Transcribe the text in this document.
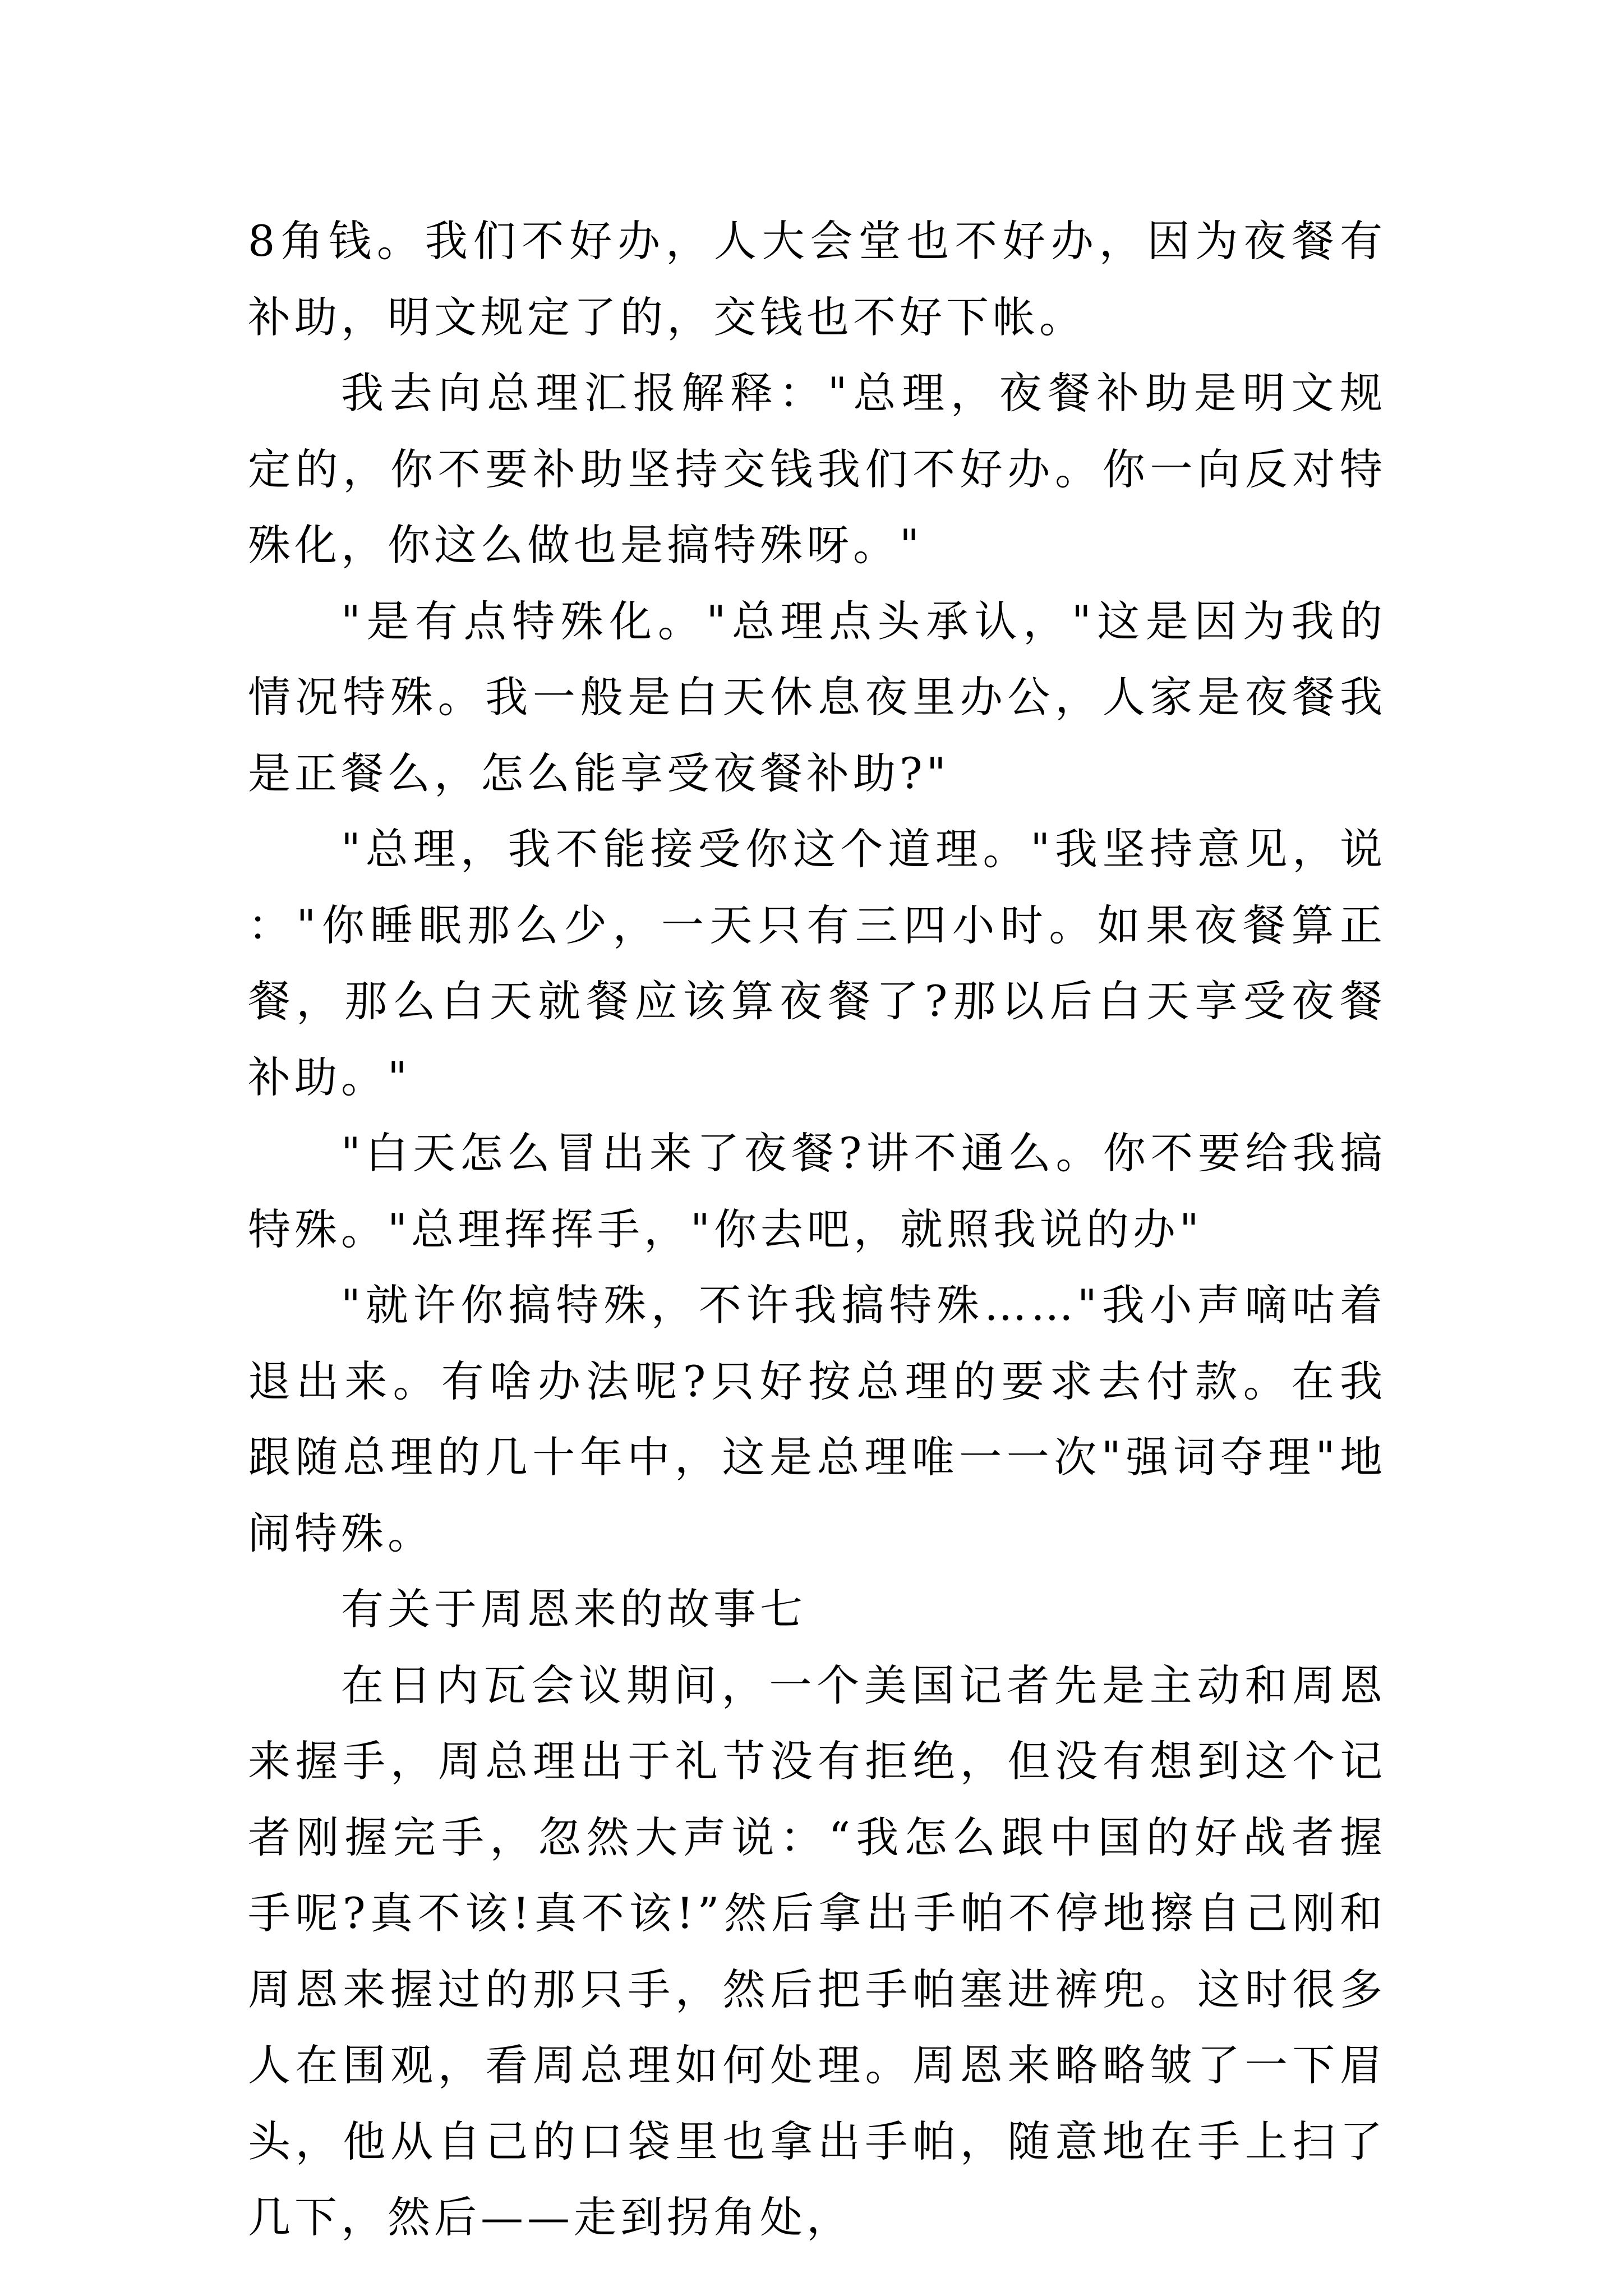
8角钱。我们不好办，人大会堂也不好办，因为夜餐有补助，明文规定了的，交钱也不好下帐。

我去向总理汇报解释："总理，夜餐补助是明文规定的，你不要补助坚持交钱我们不好办。你一向反对特殊化，你这么做也是搞特殊呀。"

"是有点特殊化。"总理点头承认，"这是因为我的情况特殊。我一般是白天休息夜里办公，人家是夜餐我是正餐么，怎么能享受夜餐补助?"

"总理，我不能接受你这个道理。"我坚持意见，说："你睡眠那么少，一天只有三四小时。如果夜餐算正餐，那么白天就餐应该算夜餐了?那以后白天享受夜餐补助。"

"白天怎么冒出来了夜餐?讲不通么。你不要给我搞特殊。"总理挥挥手，"你去吧，就照我说的办"

"就许你搞特殊，不许我搞特殊……"我小声嘀咕着退出来。有啥办法呢?只好按总理的要求去付款。在我跟随总理的几十年中，这是总理唯一一次"强词夺理"地闹特殊。

有关于周恩来的故事七

在日内瓦会议期间，一个美国记者先是主动和周恩来握手，周总理出于礼节没有拒绝，但没有想到这个记者刚握完手，忽然大声说：“我怎么跟中国的好战者握手呢?真不该!真不该!”然后拿出手帕不停地擦自己刚和周恩来握过的那只手，然后把手帕塞进裤兜。这时很多人在围观，看周总理如何处理。周恩来略略皱了一下眉头，他从自己的口袋里也拿出手帕，随意地在手上扫了几下，然后——走到拐角处，
